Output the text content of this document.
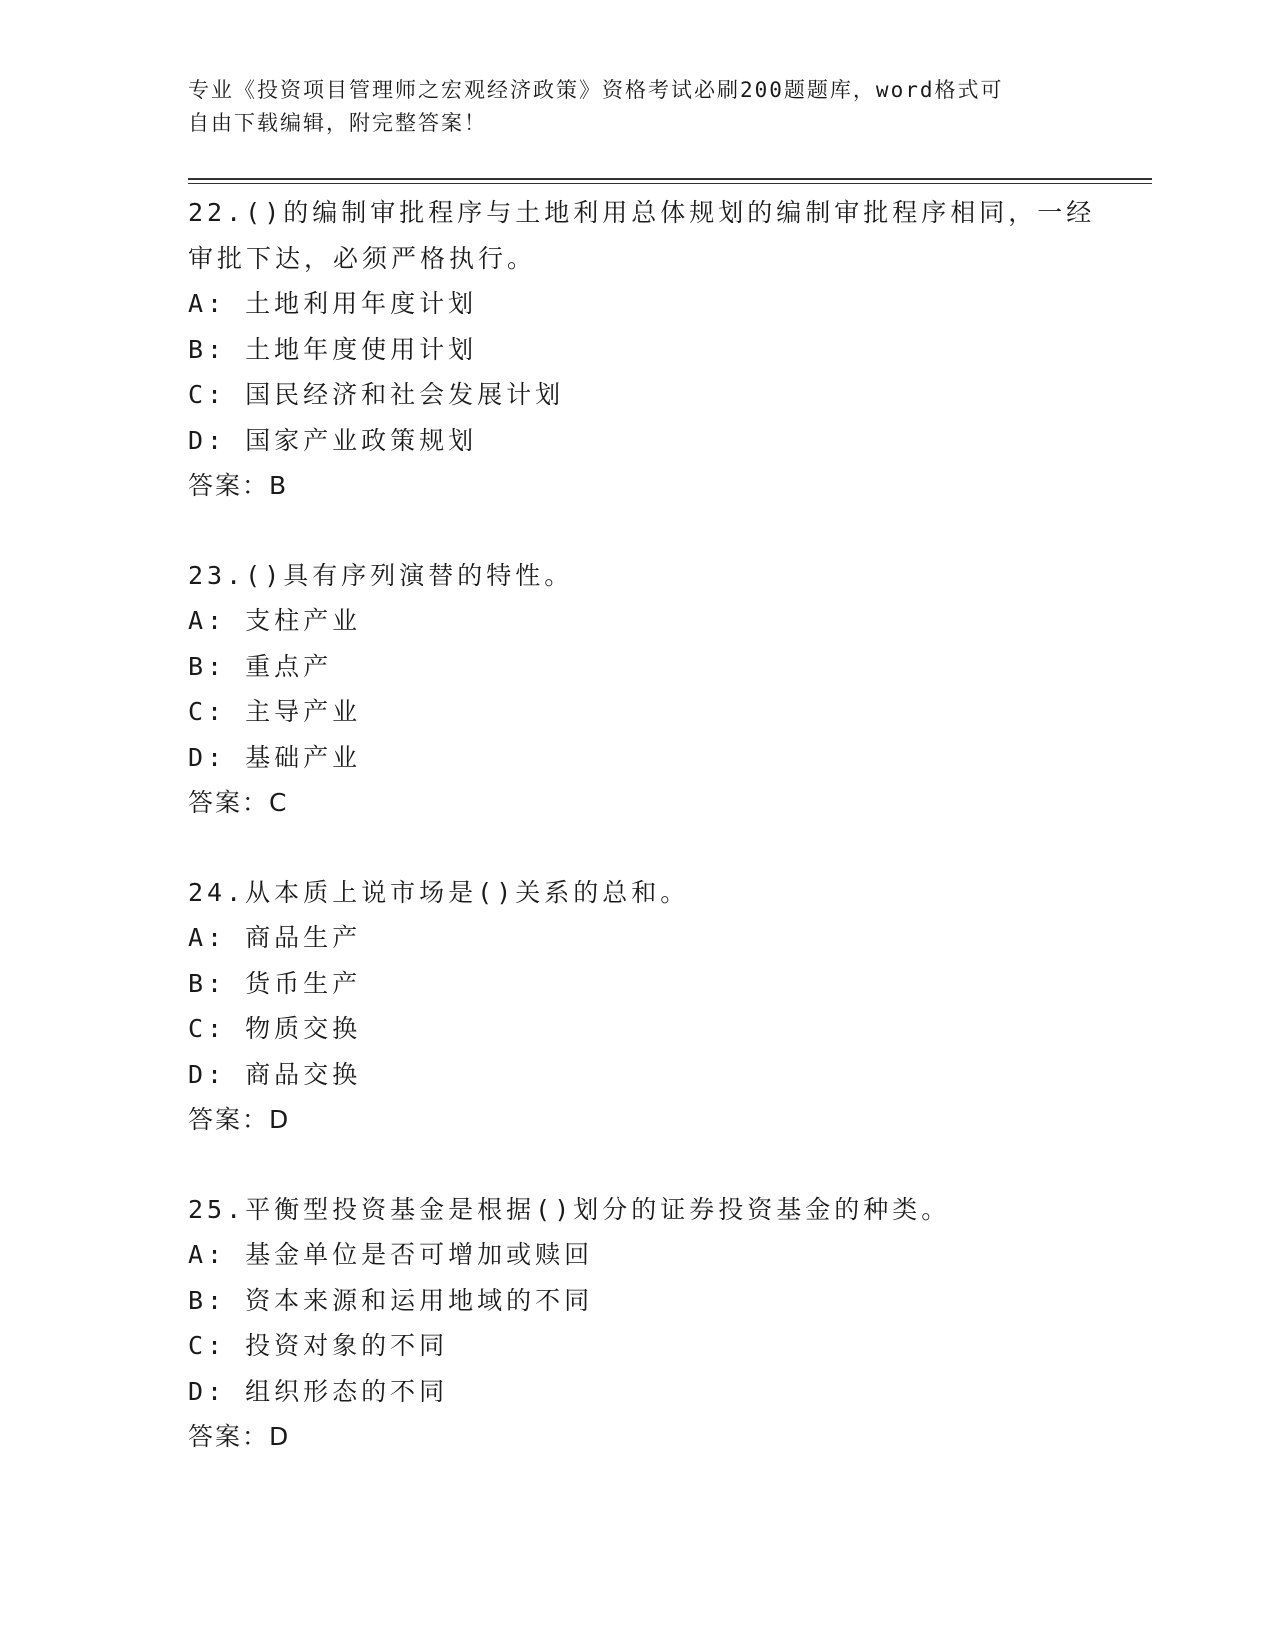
专业《投资项目管理师之宏观经济政策》资格考试必刷200题题库，word格式可
自由下载编辑，附完整答案！
22.()的编制审批程序与土地利用总体规划的编制审批程序相同，一经
审批下达，必须严格执行。
A: 土地利用年度计划
B: 土地年度使用计划
C: 国民经济和社会发展计划
D: 国家产业政策规划
答案：B
23.()具有序列演替的特性。
A: 支柱产业
B: 重点产
C: 主导产业
D: 基础产业
答案：C
24.从本质上说市场是()关系的总和。
A: 商品生产
B: 货币生产
C: 物质交换
D: 商品交换
答案：D
25.平衡型投资基金是根据()划分的证券投资基金的种类。
A: 基金单位是否可增加或赎回
B: 资本来源和运用地域的不同
C: 投资对象的不同
D: 组织形态的不同
答案：D
